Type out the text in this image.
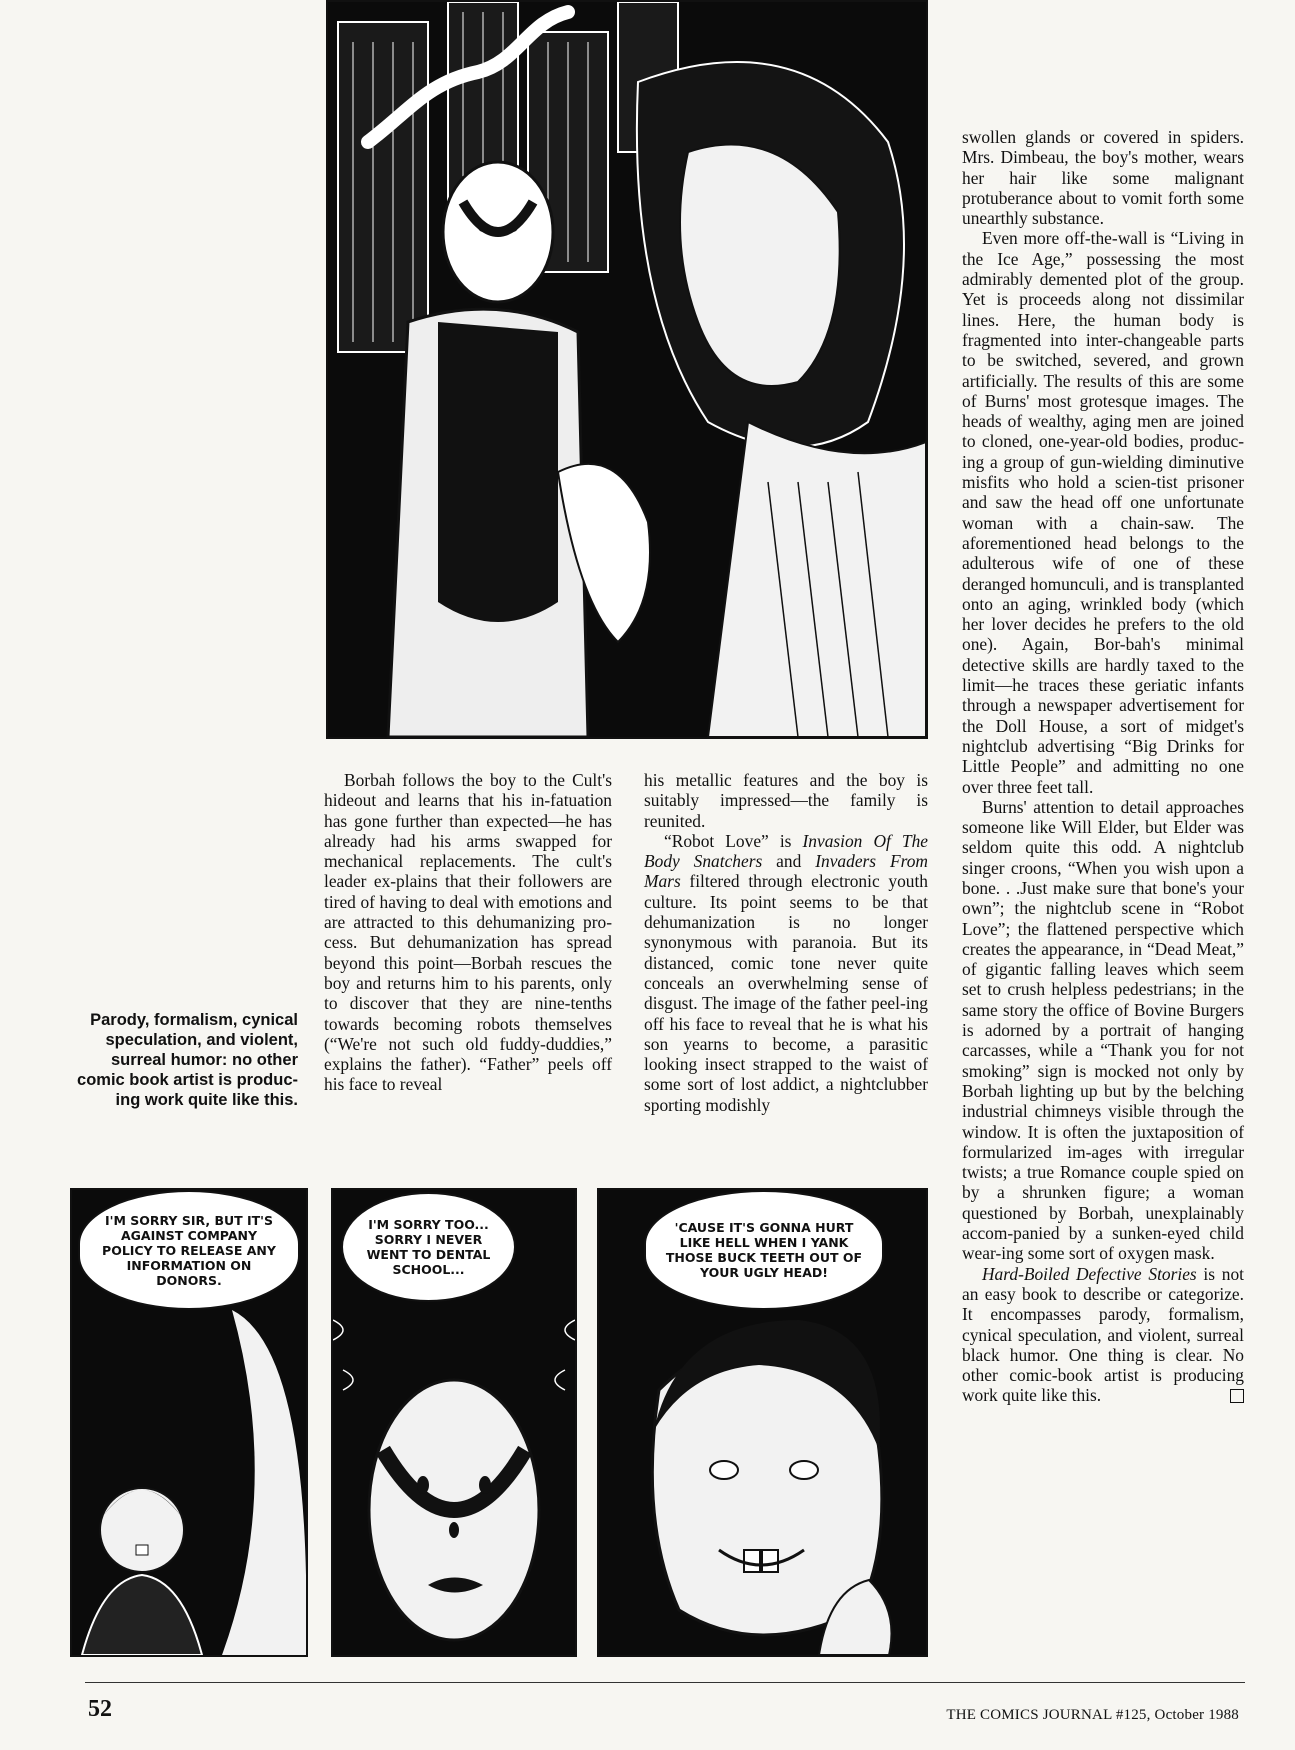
swollen glands or covered in spiders. Mrs. Dimbeau, the boy's mother, wears her hair like some malignant protuberance about to vomit forth some unearthly substance.

Even more off-the-wall is “Living in the Ice Age,” possessing the most admirably demented plot of the group. Yet is proceeds along not dissimilar lines. Here, the human body is fragmented into inter-changeable parts to be switched, severed, and grown artificially. The results of this are some of Burns' most grotesque images. The heads of wealthy, aging men are joined to cloned, one-year-old bodies, produc-ing a group of gun-wielding diminutive misfits who hold a scien-tist prisoner and saw the head off one unfortunate woman with a chain-saw. The aforementioned head belongs to the adulterous wife of one of these deranged homunculi, and is transplanted onto an aging, wrinkled body (which her lover decides he prefers to the old one). Again, Bor-bah's minimal detective skills are hardly taxed to the limit—he traces these geriatic infants through a newspaper advertisement for the Doll House, a sort of midget's nightclub advertising “Big Drinks for Little People” and admitting no one over three feet tall.

Burns' attention to detail approaches someone like Will Elder, but Elder was seldom quite this odd. A nightclub singer croons, “When you wish upon a bone. . .Just make sure that bone's your own”; the nightclub scene in “Robot Love”; the flattened perspective which creates the appearance, in “Dead Meat,” of gigantic falling leaves which seem set to crush helpless pedestrians; in the same story the office of Bovine Burgers is adorned by a portrait of hanging carcasses, while a “Thank you for not smoking” sign is mocked not only by Borbah lighting up but by the belching industrial chimneys visible through the window. It is often the juxtaposition of formularized im-ages with irregular twists; a true Romance couple spied on by a shrunken figure; a woman questioned by Borbah, unexplainably accom-panied by a sunken-eyed child wear-ing some sort of oxygen mask.

Hard-Boiled Defective Stories is not an easy book to describe or categorize. It encompasses parody, formalism, cynical speculation, and violent, surreal black humor. One thing is clear. No other comic-book artist is producing work quite like this.

Borbah follows the boy to the Cult's hideout and learns that his in-fatuation has gone further than expected—he has already had his arms swapped for mechanical replacements. The cult's leader ex-plains that their followers are tired of having to deal with emotions and are attracted to this dehumanizing pro-cess. But dehumanization has spread beyond this point—Borbah rescues the boy and returns him to his parents, only to discover that they are nine-tenths towards becoming robots themselves (“We're not such old fuddy-duddies,” explains the father). “Father” peels off his face to reveal

his metallic features and the boy is suitably impressed—the family is reunited.

“Robot Love” is Invasion Of The Body Snatchers and Invaders From Mars filtered through electronic youth culture. Its point seems to be that dehumanization is no longer synonymous with paranoia. But its distanced, comic tone never quite conceals an overwhelming sense of disgust. The image of the father peel-ing off his face to reveal that he is what his son yearns to become, a parasitic looking insect strapped to the waist of some sort of lost addict, a nightclubber sporting modishly

Parody, formalism, cynical speculation, and violent, surreal humor: no other comic book artist is produc-ing work quite like this.
I'M SORRY SIR, BUT IT'S AGAINST COMPANY POLICY TO RELEASE ANY INFORMATION ON DONORS.
I'M SORRY TOO... SORRY I NEVER WENT TO DENTAL SCHOOL...
'CAUSE IT'S GONNA HURT LIKE HELL WHEN I YANK THOSE BUCK TEETH OUT OF YOUR UGLY HEAD!
52	THE COMICS JOURNAL #125, October 1988
